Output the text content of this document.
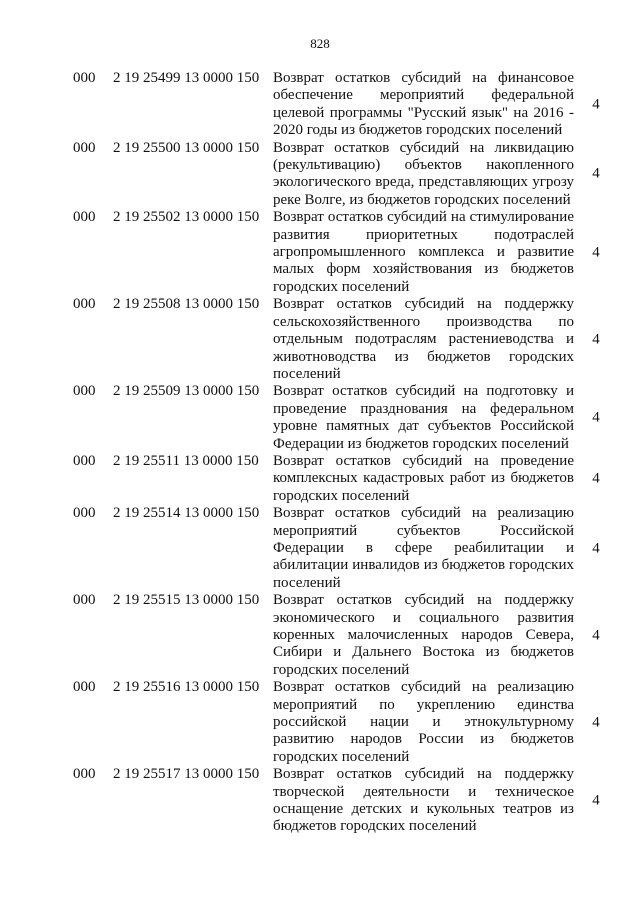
828
000	2 19 25499 13 0000 150 Возврат остатков субсидий на финансовое обеспечение мероприятий федеральной целевой программы "Русский язык" на 2016 - 2020 годы из бюджетов городских поселений
4
000	2 19 25500 13 0000 150 Возврат остатков субсидий на ликвидацию (рекультивацию) объектов накопленного экологического вреда, представляющих угрозу реке Волге, из бюджетов городских поселений
4
000	2 19 25502 13 0000 150 Возврат остатков субсидий на стимулирование развития приоритетных подотраслей агропромышленного комплекса и развитие малых форм хозяйствования из бюджетов городских поселений
4
000	2 19 25508 13 0000 150 Возврат остатков субсидий на поддержку сельскохозяйственного производства по отдельным подотраслям растениеводства и животноводства из бюджетов городских поселений
4
000	2 19 25509 13 0000 150 Возврат остатков субсидий на подготовку и проведение празднования на федеральном уровне памятных дат субъектов Российской Федерации из бюджетов городских поселений
4
000	2 19 25511 13 0000 150 Возврат остатков субсидий на проведение комплексных кадастровых работ из бюджетов городских поселений
4
000	2 19 25514 13 0000 150 Возврат остатков субсидий на реализацию мероприятий субъектов Российской Федерации в сфере реабилитации и абилитации инвалидов из бюджетов городских поселений
4
000	2 19 25515 13 0000 150 Возврат остатков субсидий на поддержку экономического и социального развития коренных малочисленных народов Севера, Сибири и Дальнего Востока из бюджетов городских поселений
4
000	2 19 25516 13 0000 150 Возврат остатков субсидий на реализацию мероприятий по укреплению единства российской нации и этнокультурному развитию народов России из бюджетов городских поселений
4
000	2 19 25517 13 0000 150 Возврат остатков субсидий на поддержку творческой деятельности и техническое оснащение детских и кукольных театров из бюджетов городских поселений
4
